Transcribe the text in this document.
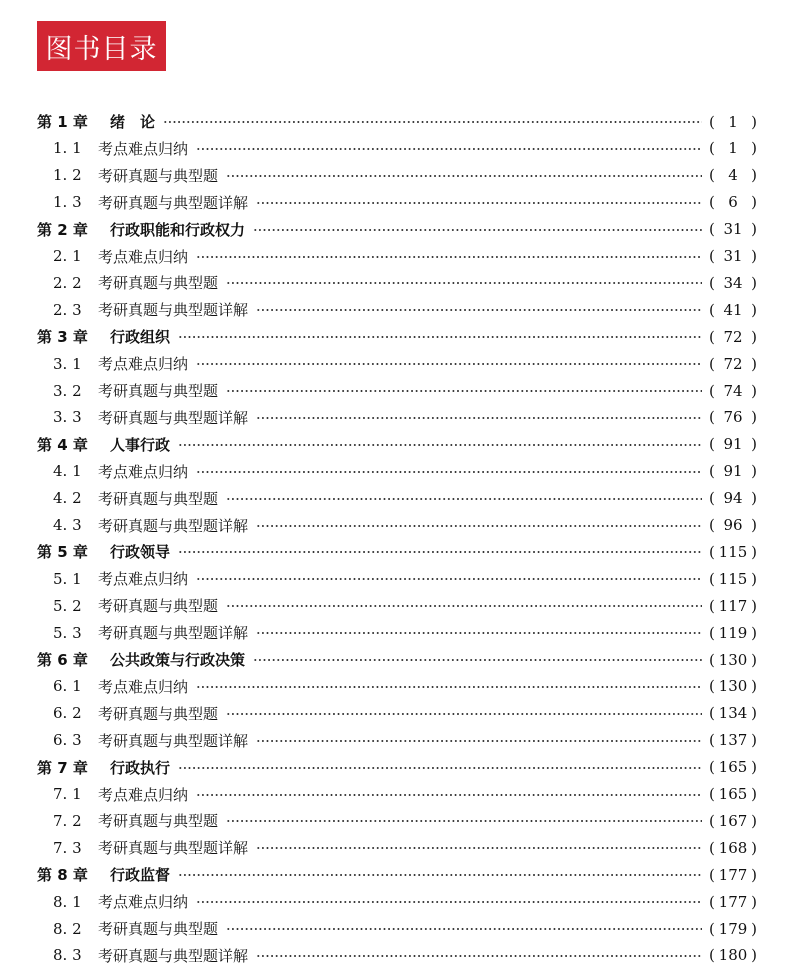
图书目录
第 1 章 绪　论	( 1 )
1. 1 考点难点归纳	( 1 )
1. 2 考研真题与典型题	( 4 )
1. 3 考研真题与典型题详解	( 6 )
第 2 章 行政职能和行政权力	( 31 )
2. 1 考点难点归纳	( 31 )
2. 2 考研真题与典型题	( 34 )
2. 3 考研真题与典型题详解	( 41 )
第 3 章 行政组织	( 72 )
3. 1 考点难点归纳	( 72 )
3. 2 考研真题与典型题	( 74 )
3. 3 考研真题与典型题详解	( 76 )
第 4 章 人事行政	( 91 )
4. 1 考点难点归纳	( 91 )
4. 2 考研真题与典型题	( 94 )
4. 3 考研真题与典型题详解	( 96 )
第 5 章 行政领导	( 115 )
5. 1 考点难点归纳	( 115 )
5. 2 考研真题与典型题	( 117 )
5. 3 考研真题与典型题详解	( 119 )
第 6 章 公共政策与行政决策	( 130 )
6. 1 考点难点归纳	( 130 )
6. 2 考研真题与典型题	( 134 )
6. 3 考研真题与典型题详解	( 137 )
第 7 章 行政执行	( 165 )
7. 1 考点难点归纳	( 165 )
7. 2 考研真题与典型题	( 167 )
7. 3 考研真题与典型题详解	( 168 )
第 8 章 行政监督	( 177 )
8. 1 考点难点归纳	( 177 )
8. 2 考研真题与典型题	( 179 )
8. 3 考研真题与典型题详解	( 180 )
